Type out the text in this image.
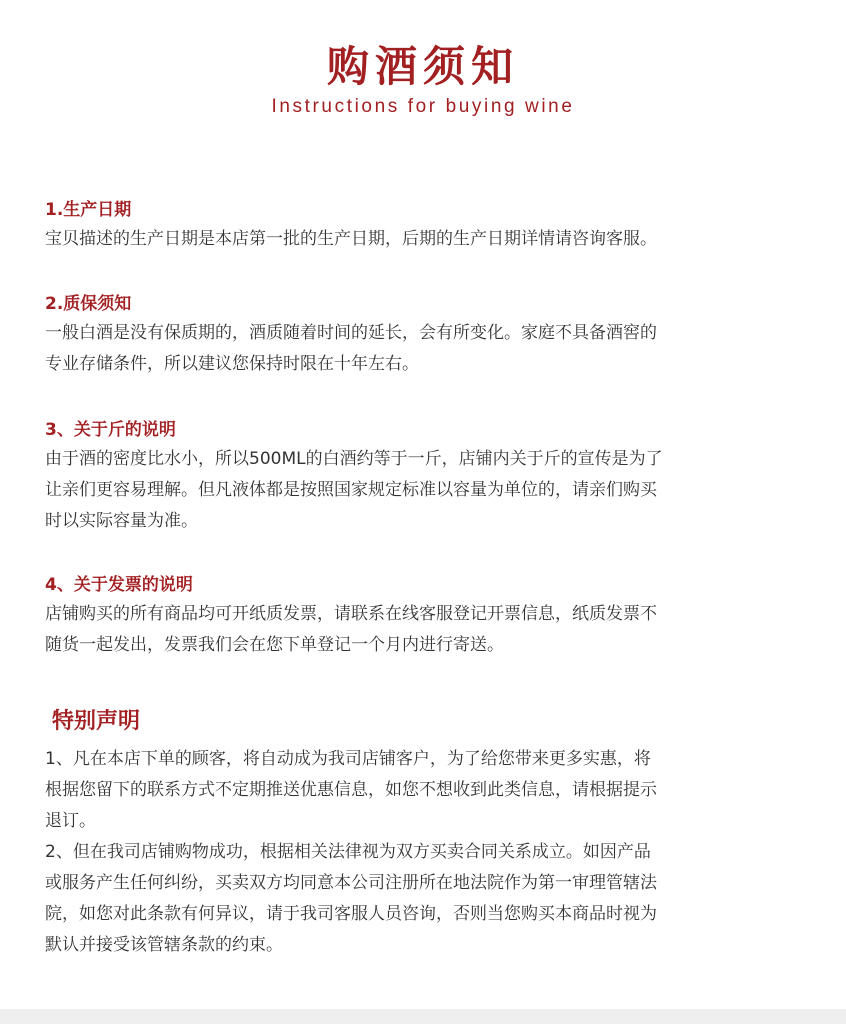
购酒须知
Instructions for buying wine
1.生产日期

宝贝描述的生产日期是本店第一批的生产日期，后期的生产日期详情请咨询客服。

2.质保须知

一般白酒是没有保质期的，酒质随着时间的延长，会有所变化。家庭不具备酒窖的

专业存储条件，所以建议您保持时限在十年左右。

3、关于斤的说明

由于酒的密度比水小，所以500ML的白酒约等于一斤，店铺内关于斤的宣传是为了

让亲们更容易理解。但凡液体都是按照国家规定标准以容量为单位的，请亲们购买

时以实际容量为准。

4、关于发票的说明

店铺购买的所有商品均可开纸质发票，请联系在线客服登记开票信息，纸质发票不

随货一起发出，发票我们会在您下单登记一个月内进行寄送。

特别声明

1、凡在本店下单的顾客，将自动成为我司店铺客户，为了给您带来更多实惠，将

根据您留下的联系方式不定期推送优惠信息，如您不想收到此类信息，请根据提示

退订。

2、但在我司店铺购物成功，根据相关法律视为双方买卖合同关系成立。如因产品

或服务产生任何纠纷，买卖双方均同意本公司注册所在地法院作为第一审理管辖法

院，如您对此条款有何异议，请于我司客服人员咨询，否则当您购买本商品时视为

默认并接受该管辖条款的约束。
